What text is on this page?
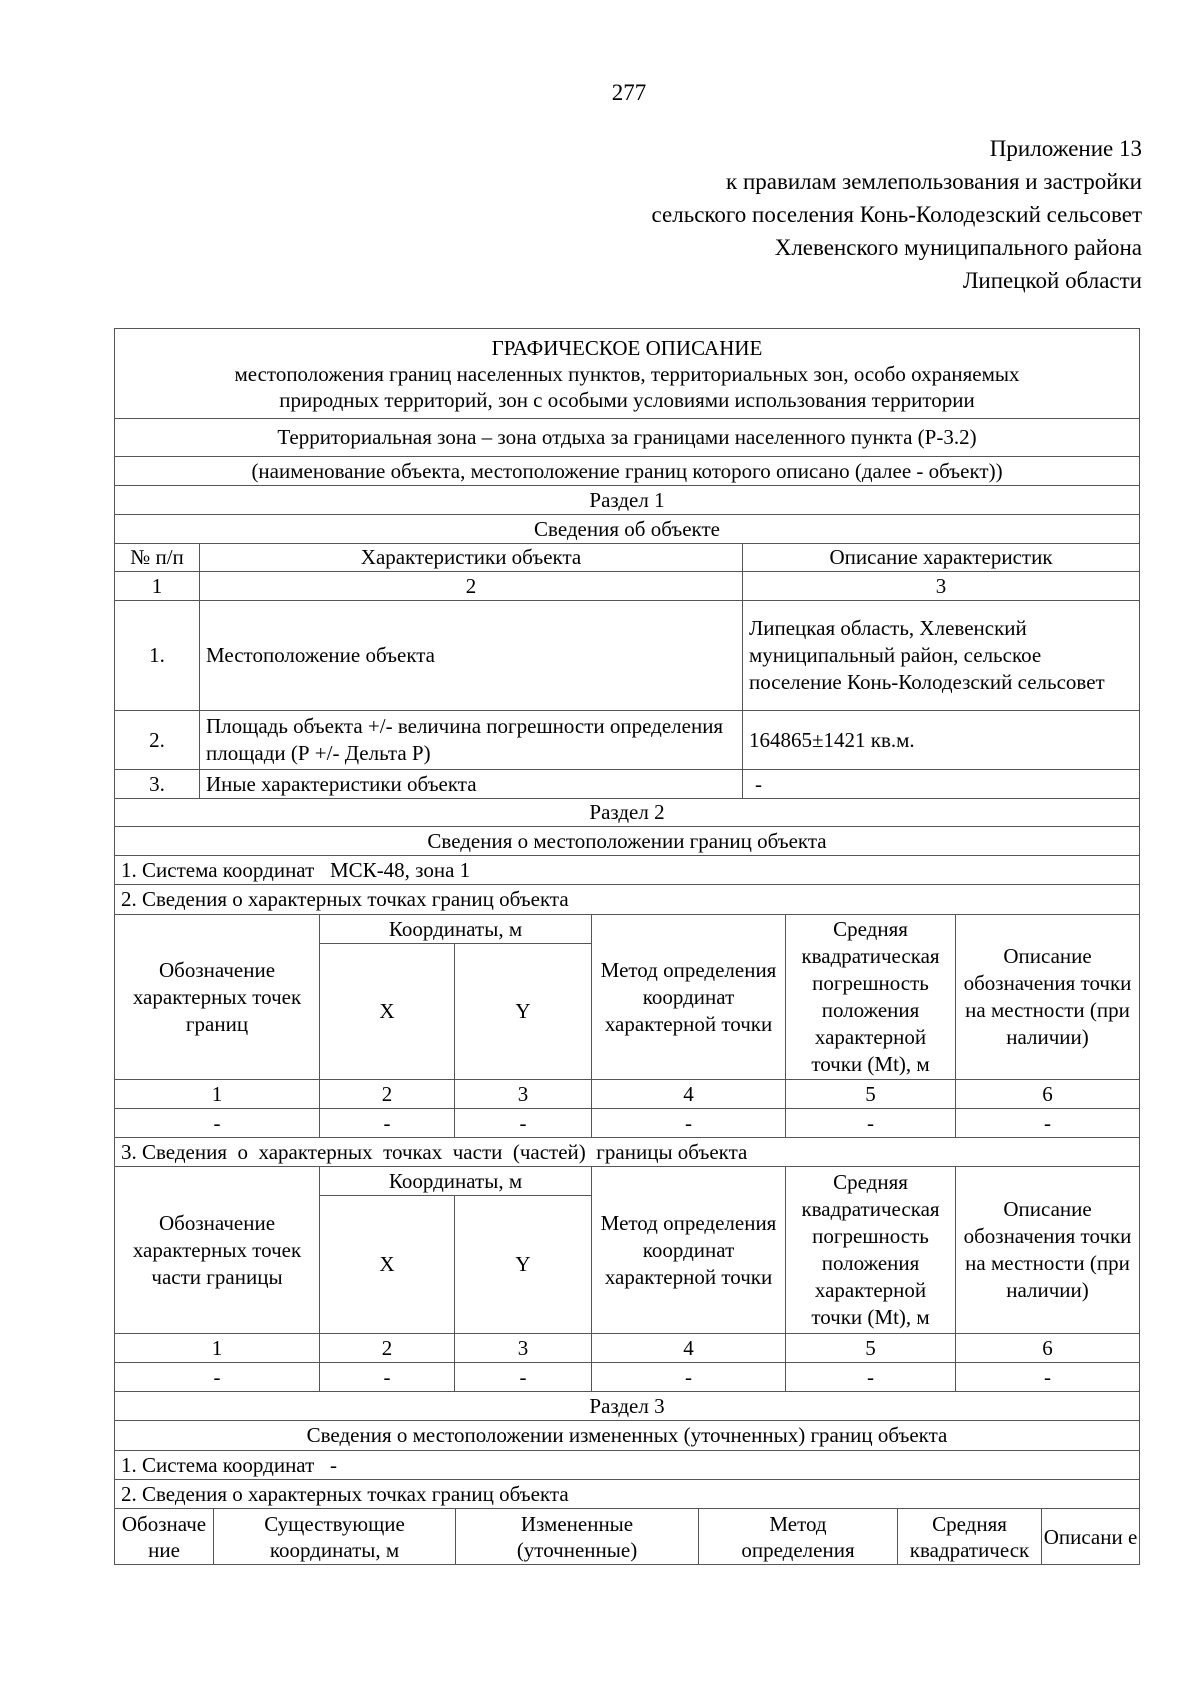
277
Приложение 13
к правилам землепользования и застройки
сельского поселения Конь-Колодезский сельсовет
Хлевенского муниципального района
Липецкой области
ГРАФИЧЕСКОЕ ОПИСАНИЕ
местоположения границ населенных пунктов, территориальных зон, особо охраняемых
природных территорий, зон с особыми условиями использования территории		

Территориальная зона – зона отдыха за границами населенного пункта (Р-3.2)		
(наименование объекта, местоположение границ которого описано (далее - объект))		
Раздел 1		
Сведения об объекте		
№ п/п	Характеристики объекта	Описание характеристик
1	2	3
1.	Местоположение объекта	Липецкая область, Хлевенский муниципальный район, сельское поселение Конь-Колодезский сельсовет
2.	Площадь объекта +/- величина погрешности определения площади (Р +/- Дельта Р)	164865±1421 кв.м.
3.	Иные характеристики объекта	-
Раздел 2		
Сведения о местоположении границ объекта		
1. Система координат   МСК-48, зона 1		
2. Сведения о характерных точках границ объекта		
Обозначение характерных точек границ	Координаты, м		Метод определения координат характерной точки	Средняя квадратическая погрешность положения характерной точки (Mt), м	Описание обозначения точки на местности (при наличии)
	X	Y			
1	2	3	4	5	6
-	-	-	-	-	-
3. Сведения  о  характерных  точках  части  (частей)  границы объекта					
Обозначение характерных точек части границы	Координаты, м		Метод определения координат характерной точки	Средняя квадратическая погрешность положения характерной точки (Mt), м	Описание обозначения точки на местности (при наличии)
	X	Y			
1	2	3	4	5	6
-	-	-	-	-	-
Раздел 3					
Сведения о местоположении измененных (уточненных) границ объекта					
1. Система координат   -					
2. Сведения о характерных точках границ объекта					
Обозначе ние	Существующие координаты, м	Измененные (уточненные)	Метод определения	Средняя квадратическ	Описани е
